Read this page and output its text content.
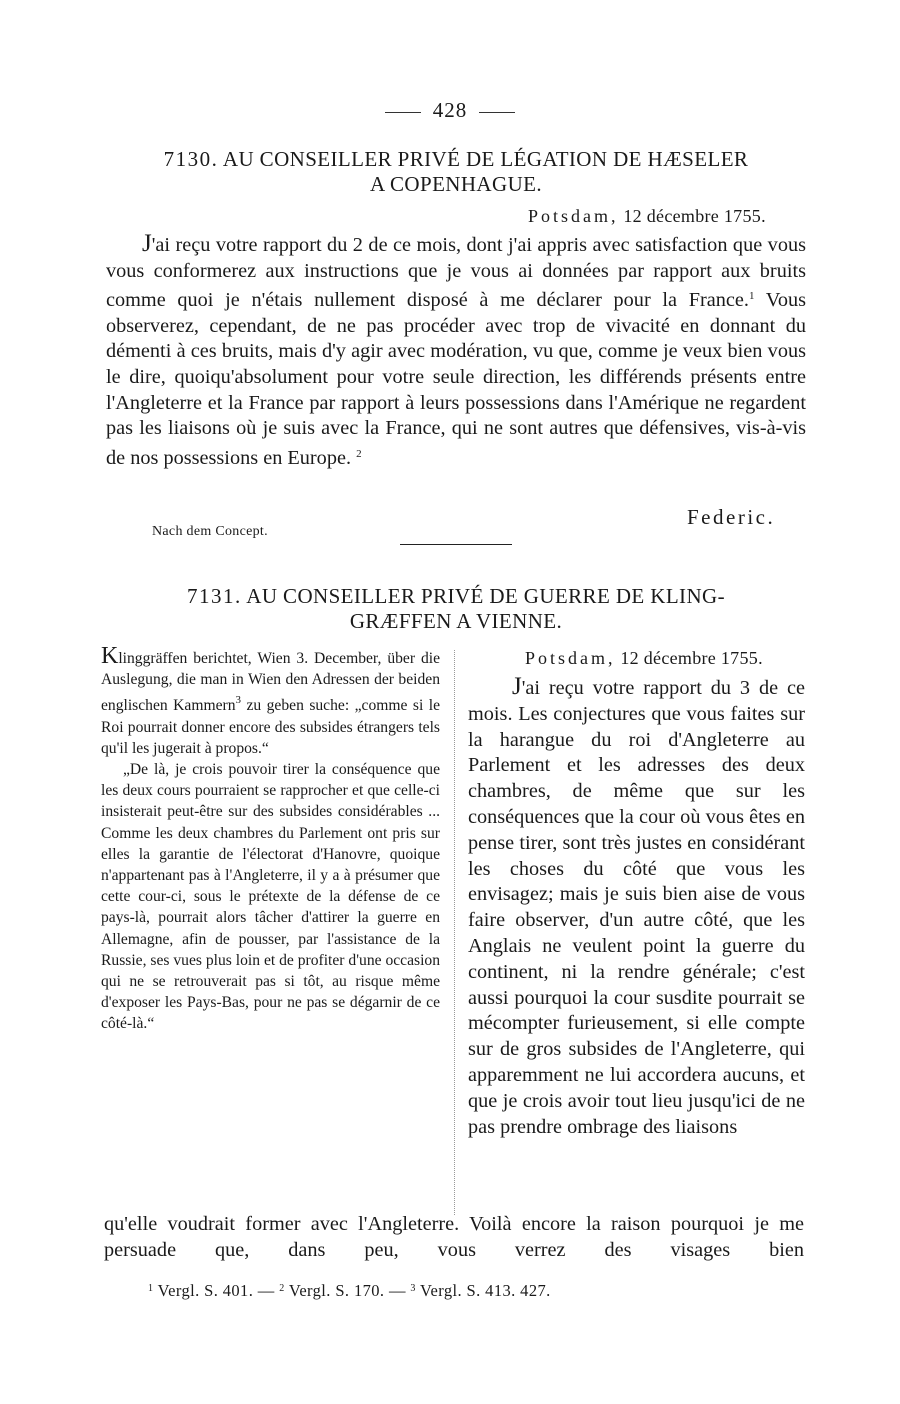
428
7130. AU CONSEILLER PRIVÉ DE LÉGATION DE HÆSELER
A COPENHAGUE.
Potsdam, 12 décembre 1755.

J'ai reçu votre rapport du 2 de ce mois, dont j'ai appris avec satisfaction que vous vous conformerez aux instructions que je vous ai données par rapport aux bruits comme quoi je n'étais nullement disposé à me déclarer pour la France.$^1$ Vous observerez, cependant, de ne pas procéder avec trop de vivacité en donnant du démenti à ces bruits, mais d'y agir avec modération, vu que, comme je veux bien vous le dire, quoiqu'absolument pour votre seule direction, les différends présents entre l'Angleterre et la France par rapport à leurs possessions dans l'Amérique ne regardent pas les liaisons où je suis avec la France, qui ne sont autres que défensives, vis-à-vis de nos possessions en Europe. $^2$

Federic.
Nach dem Concept.
7131. AU CONSEILLER PRIVÉ DE GUERRE DE KLING-
GRÆFFEN A VIENNE.

Klinggräffen berichtet, Wien 3. December, über die Auslegung, die man in Wien den Adressen der beiden englischen Kammern$^3$ zu geben suche: „comme si le Roi pourrait donner encore des subsides étrangers tels qu'il les jugerait à propos.“

„De là, je crois pouvoir tirer la conséquence que les deux cours pourraient se rapprocher et que celle-ci insisterait peut-être sur des subsides considérables ... Comme les deux chambres du Parlement ont pris sur elles la garantie de l'électorat d'Hanovre, quoique n'appartenant pas à l'Angleterre, il y a à présumer que cette cour-ci, sous le prétexte de la défense de ce pays-là, pourrait alors tâcher d'attirer la guerre en Allemagne, afin de pousser, par l'assistance de la Russie, ses vues plus loin et de profiter d'une occasion qui ne se retrouverait pas si tôt, au risque même d'exposer les Pays-Bas, pour ne pas se dégarnir de ce côté-là.“

Potsdam, 12 décembre 1755.

J'ai reçu votre rapport du 3 de ce mois. Les conjectures que vous faites sur la harangue du roi d'Angleterre au Parlement et les adresses des deux chambres, de même que sur les conséquences que la cour où vous êtes en pense tirer, sont très justes en considérant les choses du côté que vous les envisagez; mais je suis bien aise de vous faire observer, d'un autre côté, que les Anglais ne veulent point la guerre du continent, ni la rendre générale; c'est aussi pourquoi la cour susdite pourrait se mécompter furieusement, si elle compte sur de gros subsides de l'Angleterre, qui apparemment ne lui accordera aucuns, et que je crois avoir tout lieu jusqu'ici de ne pas prendre ombrage des liaisons

qu'elle voudrait former avec l'Angleterre. Voilà encore la raison pourquoi je me persuade que, dans peu, vous verrez des visages bien

$^1$ Vergl. S. 401. — $^2$ Vergl. S. 170. — $^3$ Vergl. S. 413. 427.
